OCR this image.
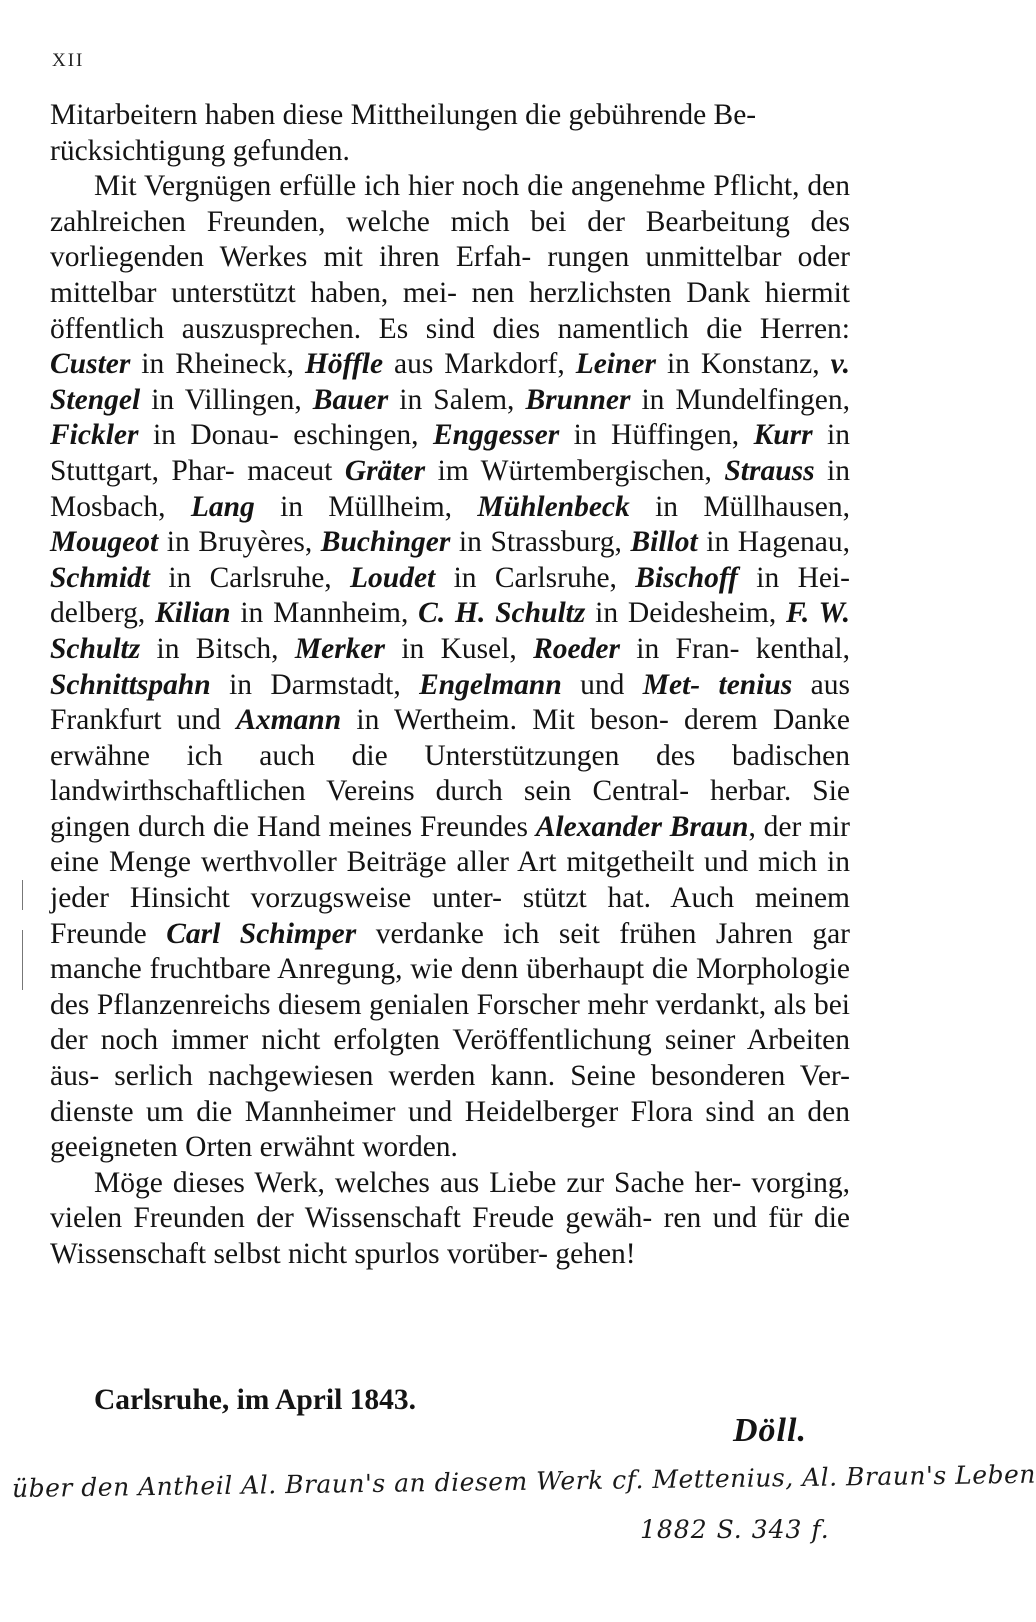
XII

Mitarbeitern haben diese Mittheilungen die gebührende Be-
rücksichtigung gefunden.

Mit Vergnügen erfülle ich hier noch die angenehme Pflicht, den zahlreichen Freunden, welche mich bei der Bearbeitung des vorliegenden Werkes mit ihren Erfah- rungen unmittelbar oder mittelbar unterstützt haben, mei- nen herzlichsten Dank hiermit öffentlich auszusprechen. Es sind dies namentlich die Herren: Custer in Rheineck, Höffle aus Markdorf, Leiner in Konstanz, v. Stengel in Villingen, Bauer in Salem, Brunner in Mundelfingen, Fickler in Donau- eschingen, Enggesser in Hüffingen, Kurr in Stuttgart, Phar- maceut Gräter im Würtembergischen, Strauss in Mosbach, Lang in Müllheim, Mühlenbeck in Müllhausen, Mougeot in Bruyères, Buchinger in Strassburg, Billot in Hagenau, Schmidt in Carlsruhe, Loudet in Carlsruhe, Bischoff in Hei- delberg, Kilian in Mannheim, C. H. Schultz in Deidesheim, F. W. Schultz in Bitsch, Merker in Kusel, Roeder in Fran- kenthal, Schnittspahn in Darmstadt, Engelmann und Met- tenius aus Frankfurt und Axmann in Wertheim. Mit beson- derem Danke erwähne ich auch die Unterstützungen des badischen landwirthschaftlichen Vereins durch sein Central- herbar. Sie gingen durch die Hand meines Freundes Alexander Braun, der mir eine Menge werthvoller Beiträge aller Art mitgetheilt und mich in jeder Hinsicht vorzugsweise unter- stützt hat. Auch meinem Freunde Carl Schimper verdanke ich seit frühen Jahren gar manche fruchtbare Anregung, wie denn überhaupt die Morphologie des Pflanzenreichs diesem genialen Forscher mehr verdankt, als bei der noch immer nicht erfolgten Veröffentlichung seiner Arbeiten äus- serlich nachgewiesen werden kann. Seine besonderen Ver- dienste um die Mannheimer und Heidelberger Flora sind an den geeigneten Orten erwähnt worden.

Möge dieses Werk, welches aus Liebe zur Sache her- vorging, vielen Freunden der Wissenschaft Freude gewäh- ren und für die Wissenschaft selbst nicht spurlos vorüber- gehen!

Carlsruhe, im April 1843.
Döll.
über den Antheil Al. Braun's an diesem Werk cf. Mettenius, Al. Braun's Leben
1882 S. 343 f.
